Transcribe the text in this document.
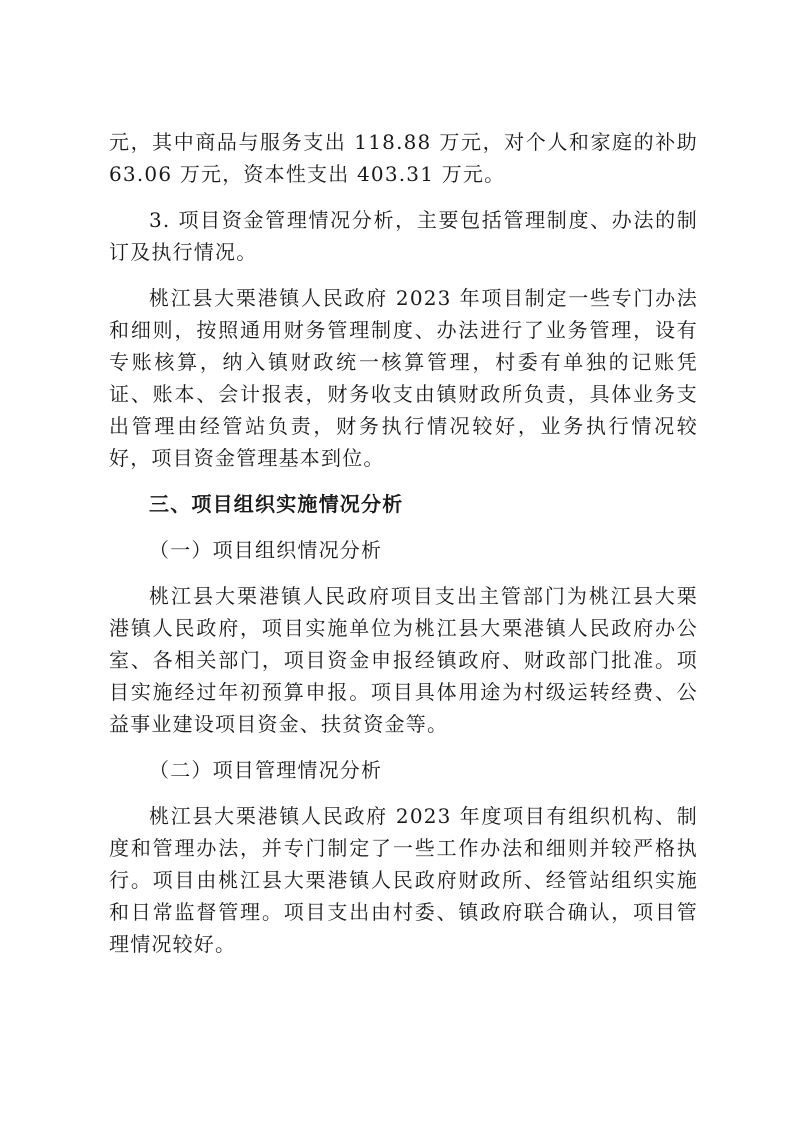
元，其中商品与服务支出 118.88 万元，对个人和家庭的补助 63.06 万元，资本性支出 403.31 万元。

3. 项目资金管理情况分析，主要包括管理制度、办法的制订及执行情况。

桃江县大栗港镇人民政府 2023 年项目制定一些专门办法和细则，按照通用财务管理制度、办法进行了业务管理，设有专账核算，纳入镇财政统一核算管理，村委有单独的记账凭证、账本、会计报表，财务收支由镇财政所负责，具体业务支出管理由经管站负责，财务执行情况较好，业务执行情况较好，项目资金管理基本到位。

三、项目组织实施情况分析

（一）项目组织情况分析

桃江县大栗港镇人民政府项目支出主管部门为桃江县大栗港镇人民政府，项目实施单位为桃江县大栗港镇人民政府办公室、各相关部门，项目资金申报经镇政府、财政部门批准。项目实施经过年初预算申报。项目具体用途为村级运转经费、公益事业建设项目资金、扶贫资金等。

（二）项目管理情况分析

桃江县大栗港镇人民政府 2023 年度项目有组织机构、制度和管理办法，并专门制定了一些工作办法和细则并较严格执行。项目由桃江县大栗港镇人民政府财政所、经管站组织实施和日常监督管理。项目支出由村委、镇政府联合确认，项目管理情况较好。
